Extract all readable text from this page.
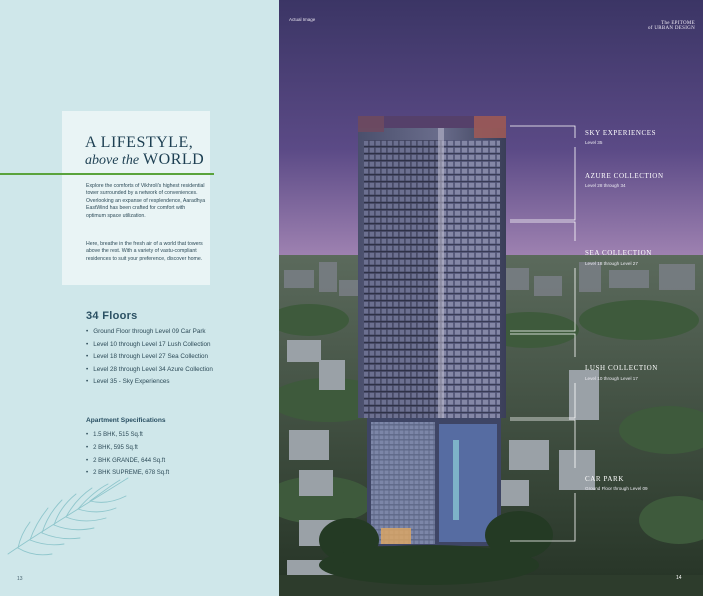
A LIFESTYLE,
above the WORLD

Explore the comforts of Vikhroli's highest residential tower surrounded by a network of conveniences. Overlooking an expanse of resplendence, Aaradhya EastWind has been crafted for comfort with optimum space utilization.

Here, breathe in the fresh air of a world that towers above the rest. With a variety of vastu-compliant residences to suit your preference, discover home.

34 Floors
• Ground Floor through Level 09 Car Park
• Level 10 through Level 17 Lush Collection
• Level 18 through Level 27 Sea Collection
• Level 28 through Level 34 Azure Collection
• Level 35 - Sky Experiences
Apartment Specifications
• 1.5 BHK, 515 Sq.ft
• 2 BHK, 595 Sq.ft
• 2 BHK GRANDE, 644 Sq.ft
• 2 BHK SUPREME, 678 Sq.ft
13
Actual Image
The EPITOME
of URBAN DESIGN
SKY EXPERIENCES
Level 35
AZURE COLLECTION
Level 28 through 34
SEA COLLECTION
Level 18 through Level 27
LUSH COLLECTION
Level 10 through Level 17
CAR PARK
Ground Floor through Level 09
14
